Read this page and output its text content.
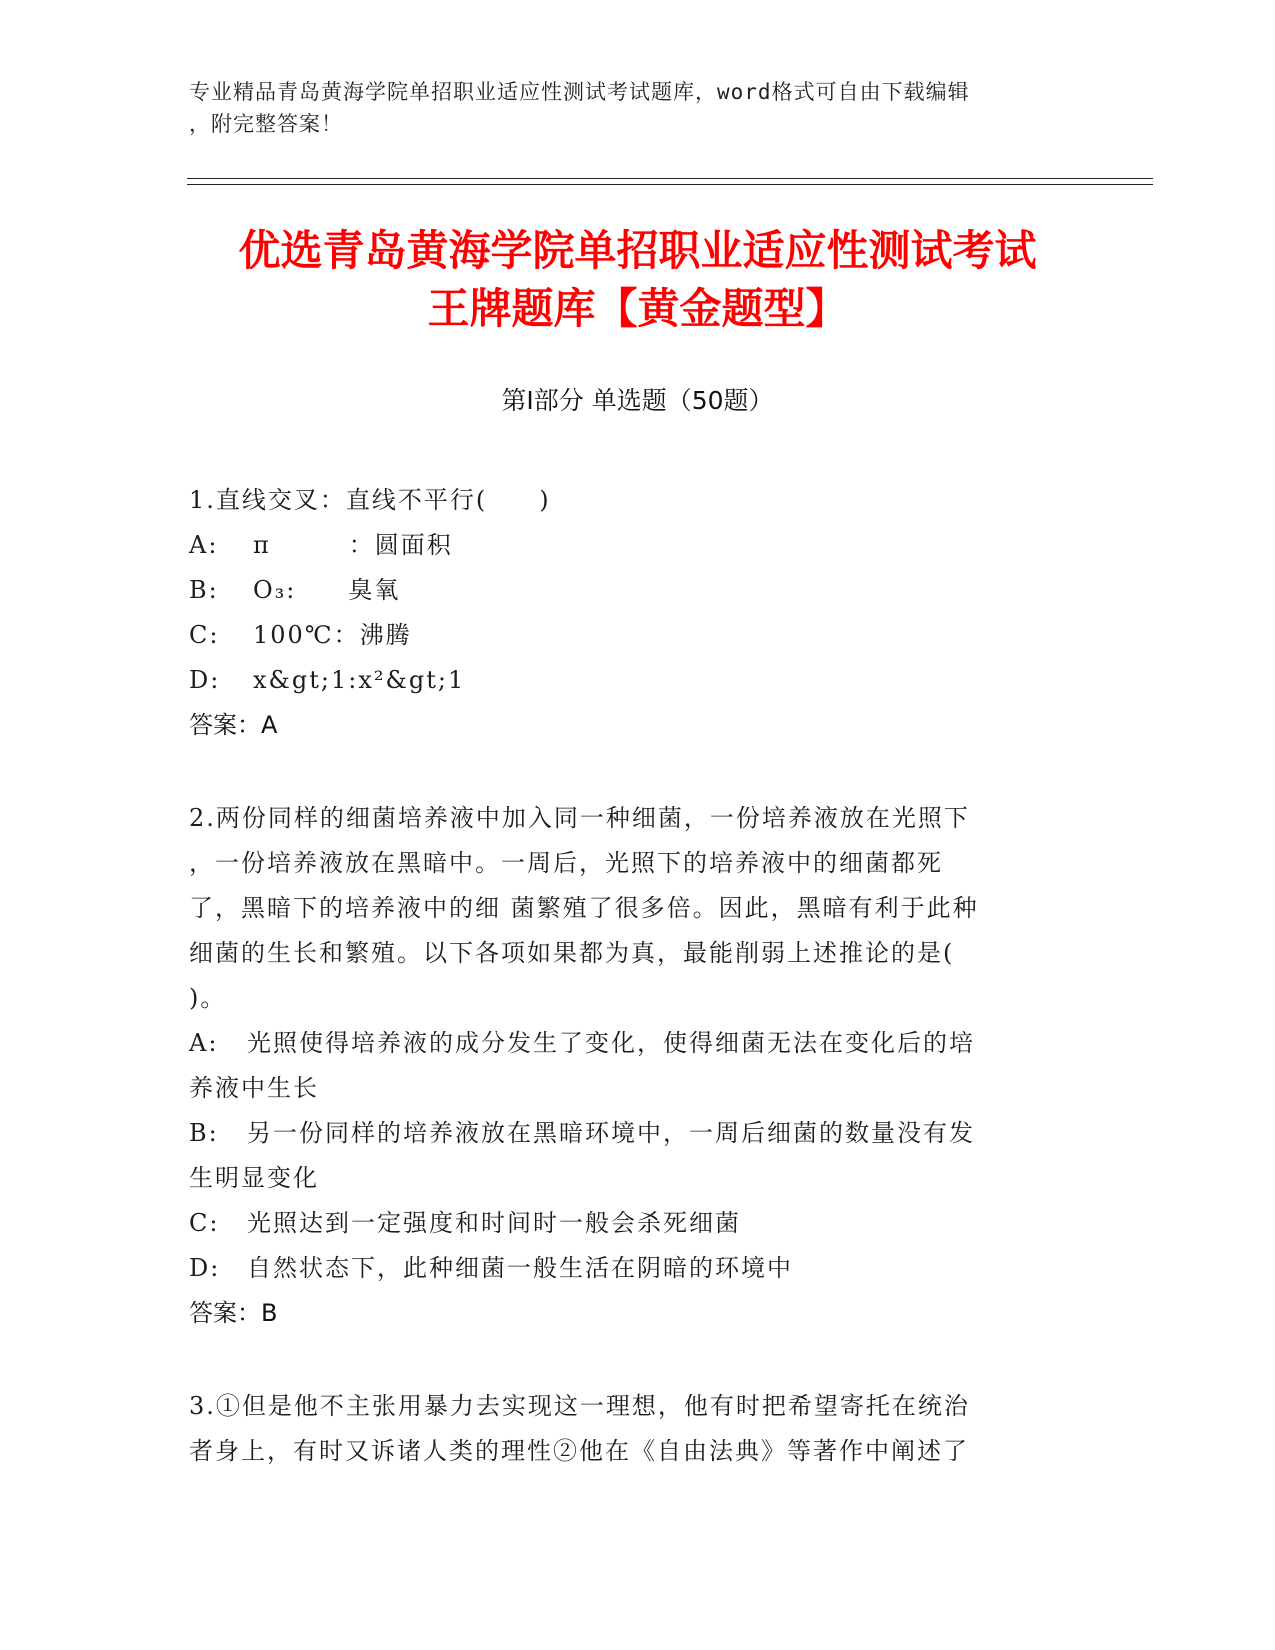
专业精品青岛黄海学院单招职业适应性测试考试题库，word格式可自由下载编辑
，附完整答案！
优选青岛黄海学院单招职业适应性测试考试
王牌题库【黄金题型】
第Ⅰ部分 单选题（50题）
1.直线交叉：直线不平行(　　)
A:	π　　　：圆面积
B:	O₃:　　臭氧
C:	100℃：沸腾
D:	x&gt;1:x²&gt;1
答案：A
2.两份同样的细菌培养液中加入同一种细菌，一份培养液放在光照下
，一份培养液放在黑暗中。一周后，光照下的培养液中的细菌都死
了，黑暗下的培养液中的细 菌繁殖了很多倍。因此，黑暗有利于此种
细菌的生长和繁殖。以下各项如果都为真，最能削弱上述推论的是(
)。
A:	光照使得培养液的成分发生了变化，使得细菌无法在变化后的培
养液中生长
B:	另一份同样的培养液放在黑暗环境中，一周后细菌的数量没有发
生明显变化
C:	光照达到一定强度和时间时一般会杀死细菌
D:	自然状态下，此种细菌一般生活在阴暗的环境中
答案：B
3.①但是他不主张用暴力去实现这一理想，他有时把希望寄托在统治
者身上，有时又诉诸人类的理性②他在《自由法典》等著作中阐述了
